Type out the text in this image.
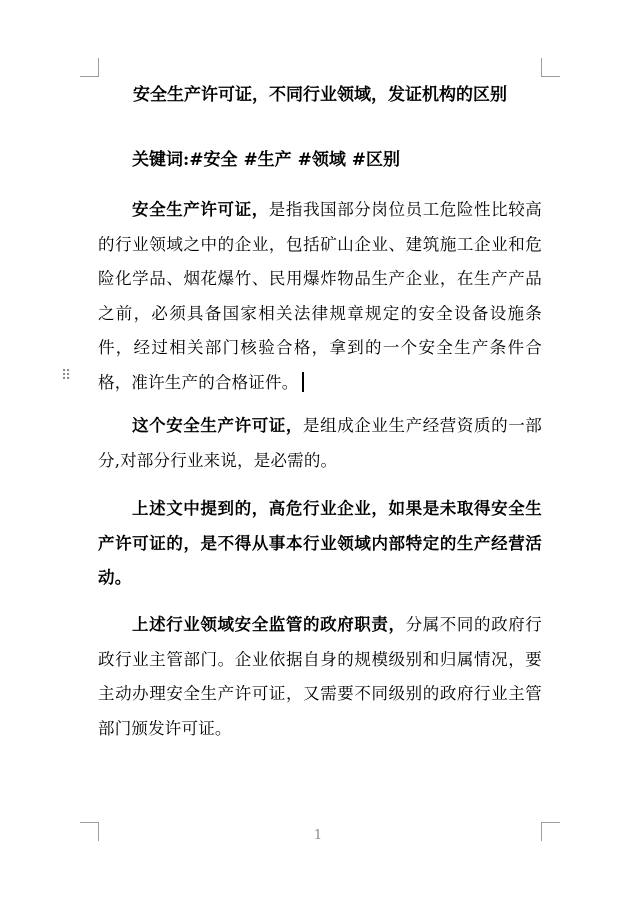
安全生产许可证，不同行业领域，发证机构的区别
关键词:#安全 #生产 #领域 #区别
⠿
安全生产许可证，是指我国部分岗位员工危险性比较高的行业领域之中的企业，包括矿山企业、建筑施工企业和危险化学品、烟花爆竹、民用爆炸物品生产企业，在生产产品之前，必须具备国家相关法律规章规定的安全设备设施条件，经过相关部门核验合格，拿到的一个安全生产条件合格，准许生产的合格证件。
这个安全生产许可证，是组成企业生产经营资质的一部分,对部分行业来说，是必需的。
上述文中提到的，高危行业企业，如果是未取得安全生产许可证的，是不得从事本行业领域内部特定的生产经营活动。
上述行业领域安全监管的政府职责，分属不同的政府行政行业主管部门。企业依据自身的规模级别和归属情况，要主动办理安全生产许可证，又需要不同级别的政府行业主管部门颁发许可证。
1
